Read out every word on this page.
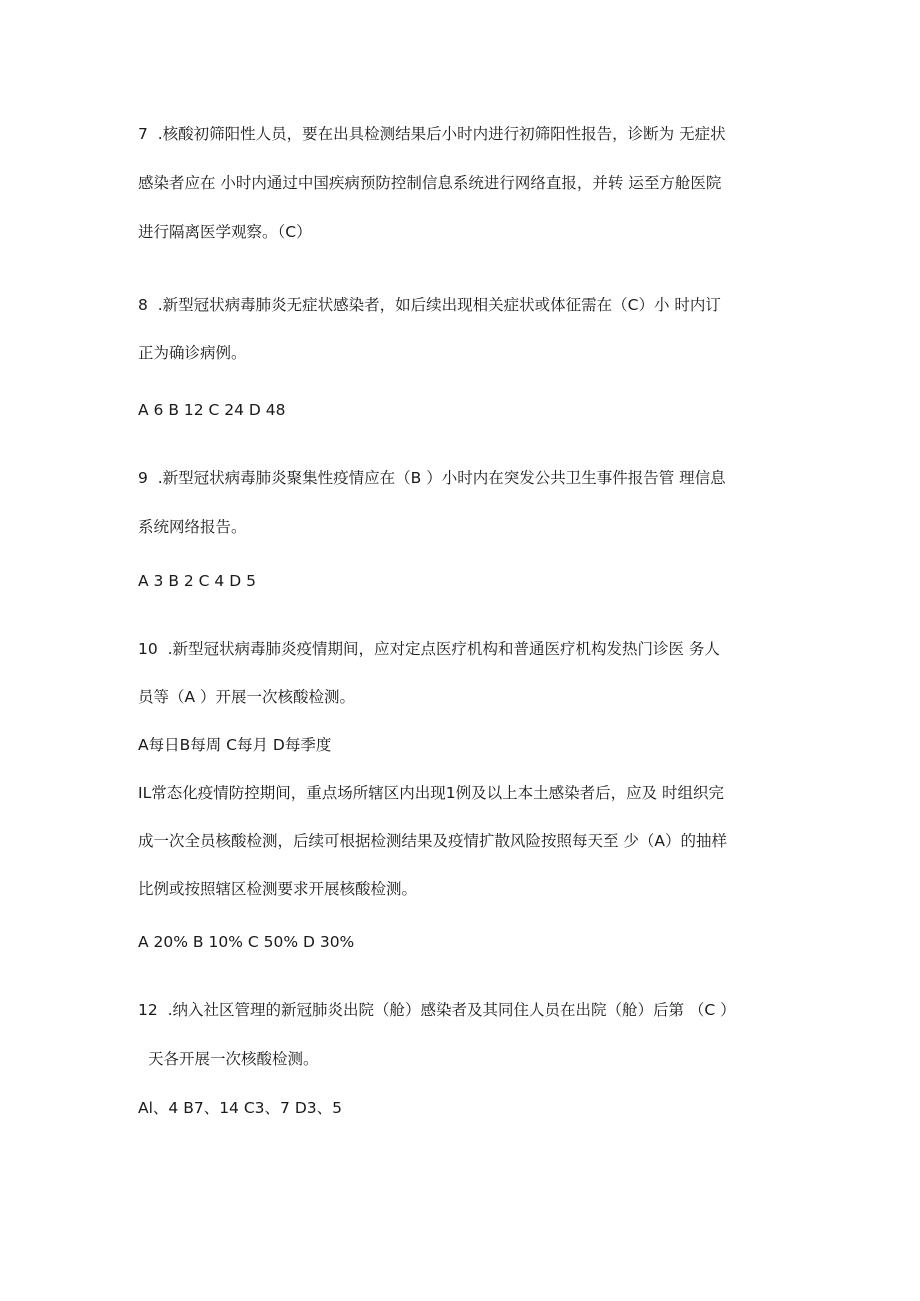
7  .核酸初筛阳性人员，要在出具检测结果后小时内进行初筛阳性报告，诊断为 无症状
感染者应在 小时内通过中国疾病预防控制信息系统进行网络直报，并转 运至方舱医院
进行隔离医学观察。（C）
8  .新型冠状病毒肺炎无症状感染者，如后续出现相关症状或体征需在（C）小 时内订
正为确诊病例。
A 6 B 12 C 24 D 48
9  .新型冠状病毒肺炎聚集性疫情应在（B ）小时内在突发公共卫生事件报告管 理信息
系统网络报告。
A 3 B 2 C 4 D 5
10  .新型冠状病毒肺炎疫情期间，应对定点医疗机构和普通医疗机构发热门诊医 务人
员等（A ）开展一次核酸检测。
A每日B每周 C每月 D每季度
IL常态化疫情防控期间，重点场所辖区内出现1例及以上本土感染者后，应及 时组织完
成一次全员核酸检测，后续可根据检测结果及疫情扩散风险按照每天至 少（A）的抽样
比例或按照辖区检测要求开展核酸检测。
A 20% B 10% C 50% D 30%
12  .纳入社区管理的新冠肺炎出院（舱）感染者及其同住人员在出院（舱）后第 （C ）
天各开展一次核酸检测。
Al、4 B7、14 C3、7 D3、5
